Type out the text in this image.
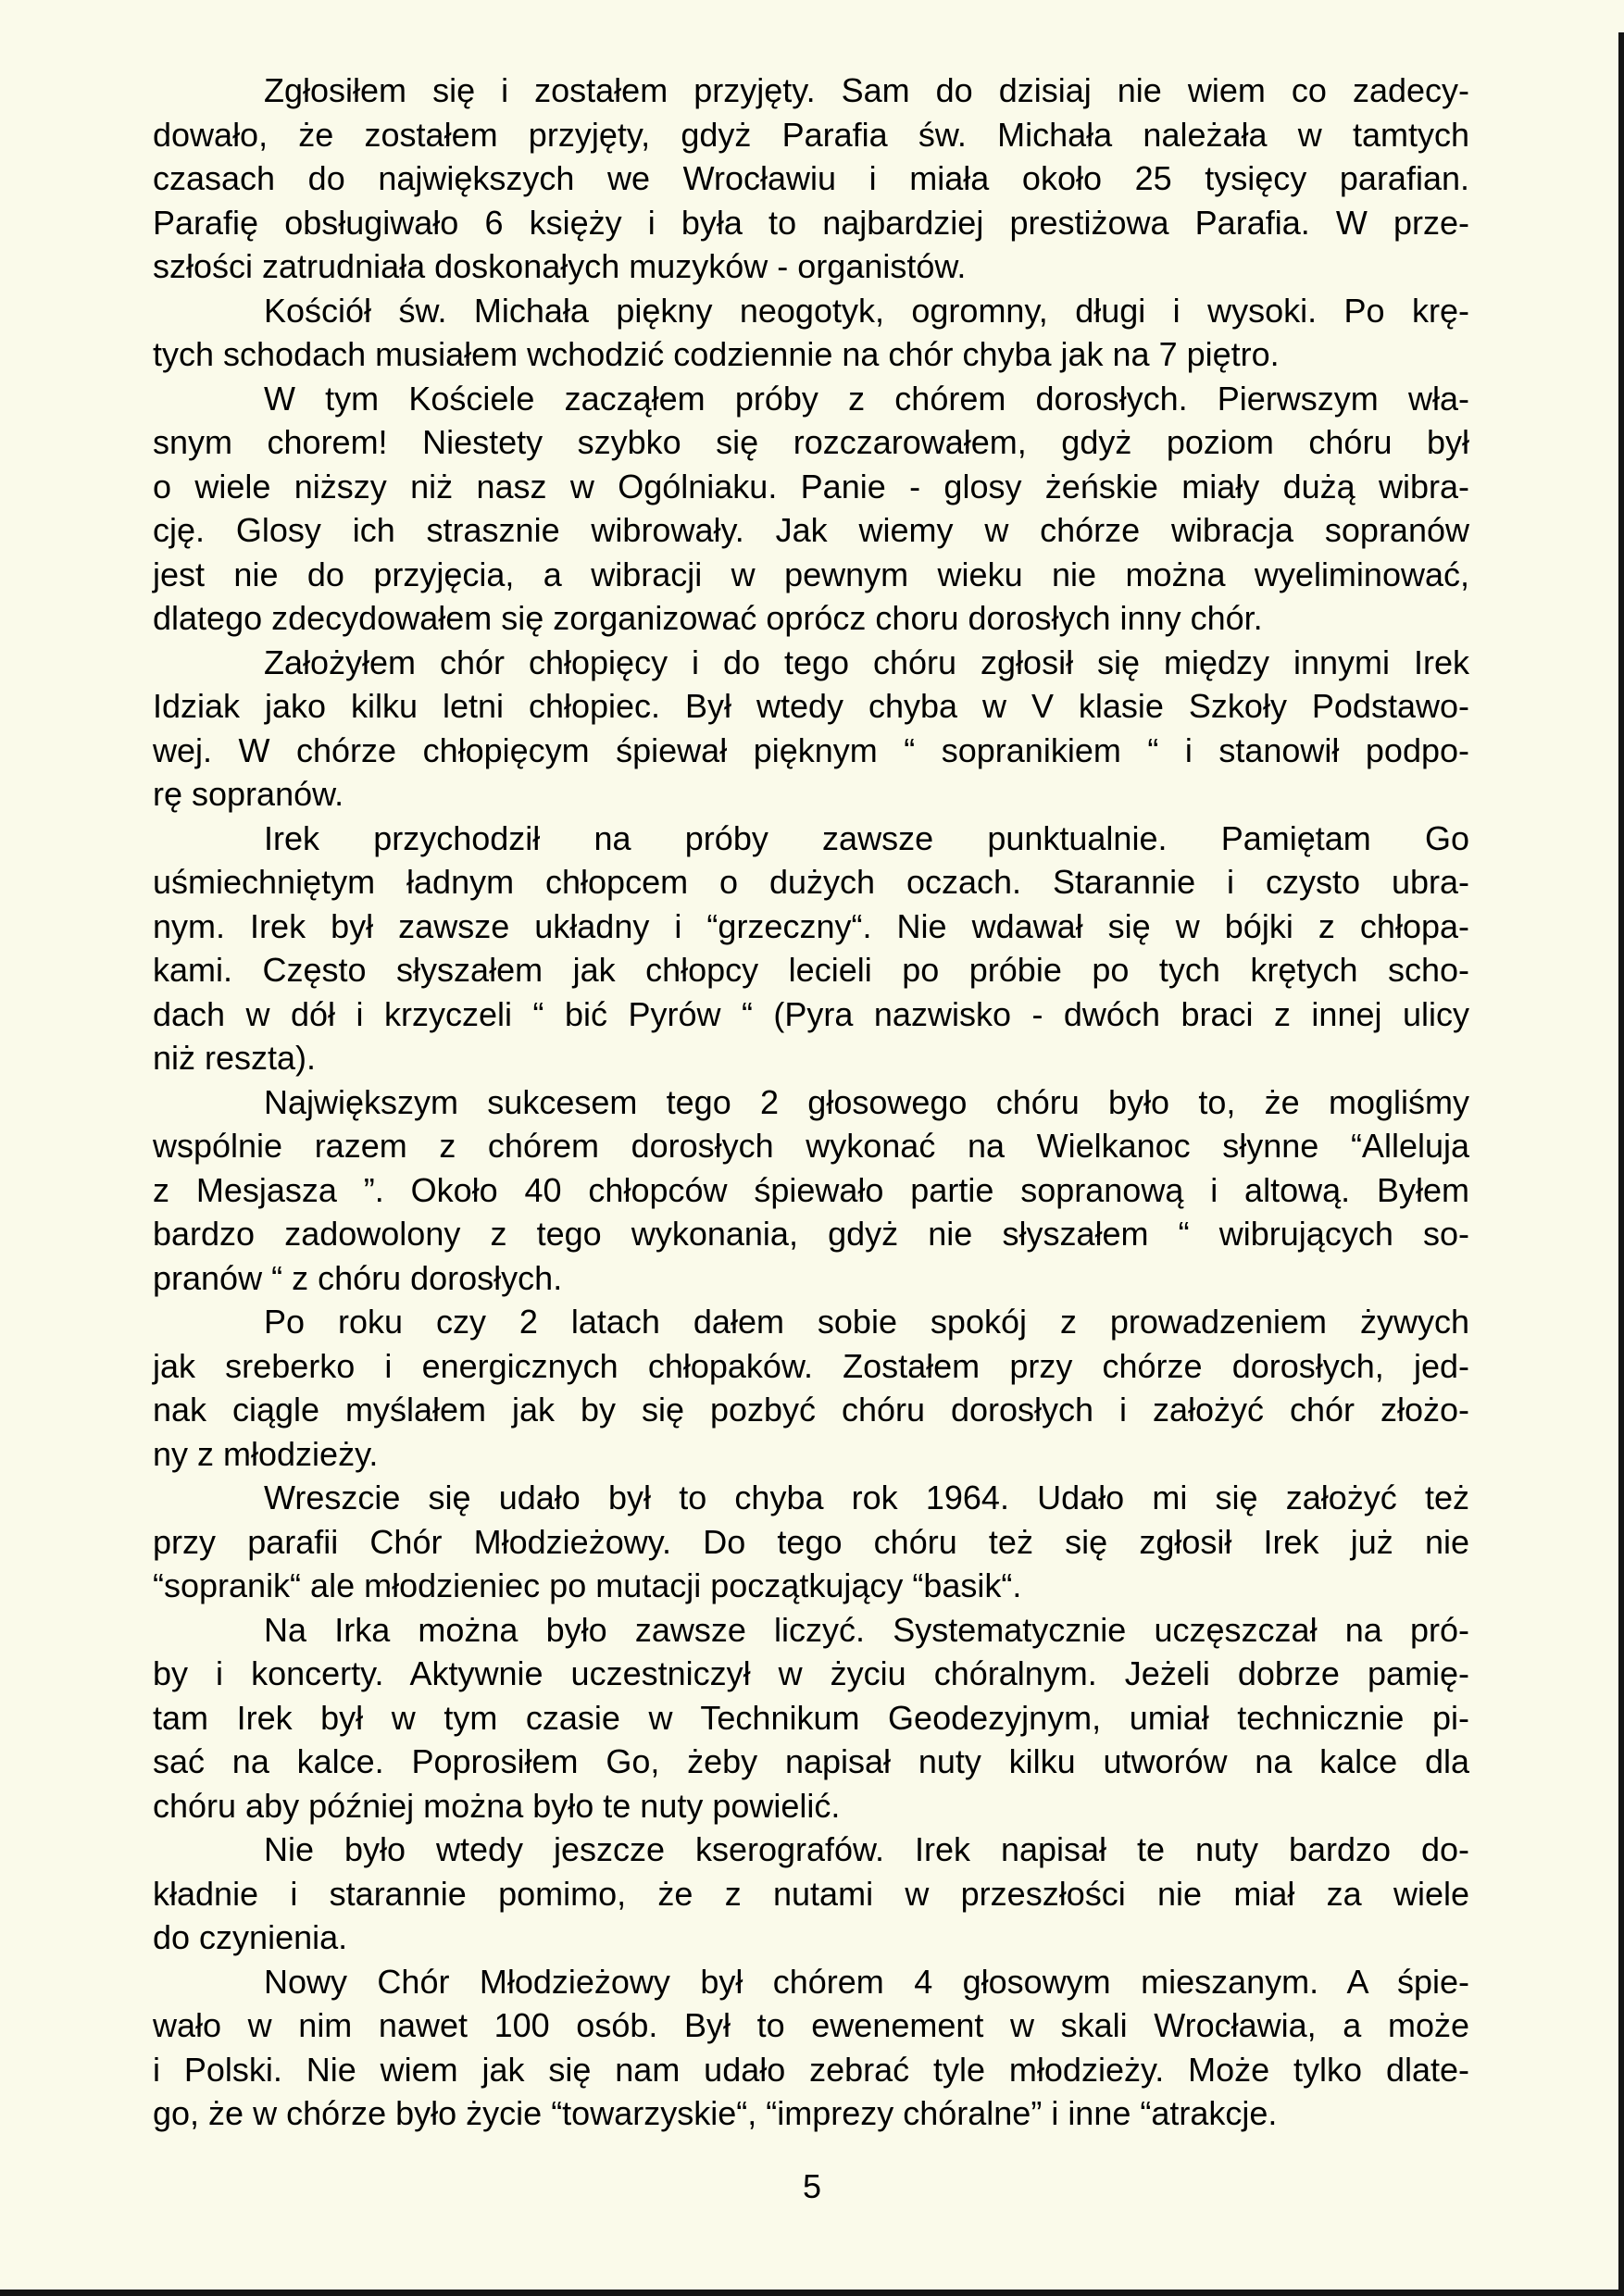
Zgłosiłem się i zostałem przyjęty. Sam do dzisiaj nie wiem co zadecy-
dowało, że zostałem przyjęty, gdyż Parafia św. Michała należała w tamtych
czasach do największych we Wrocławiu i miała około 25 tysięcy parafian.
Parafię obsługiwało 6 księży i była to najbardziej prestiżowa Parafia. W prze-
szłości zatrudniała doskonałych muzyków - organistów.
Kościół św. Michała piękny neogotyk, ogromny, długi i wysoki. Po krę-
tych schodach musiałem wchodzić codziennie na chór chyba jak na 7 piętro.
W tym Kościele zacząłem próby z chórem dorosłych. Pierwszym wła-
snym chorem! Niestety szybko się rozczarowałem, gdyż poziom chóru był
o wiele niższy niż nasz w Ogólniaku. Panie - glosy żeńskie miały dużą wibra-
cję. Glosy ich strasznie wibrowały. Jak wiemy w chórze wibracja sopranów
jest nie do przyjęcia, a wibracji w pewnym wieku nie można wyeliminować,
dlatego zdecydowałem się zorganizować oprócz choru dorosłych inny chór.
Założyłem chór chłopięcy i do tego chóru zgłosił się między innymi Irek
Idziak jako kilku letni chłopiec. Był wtedy chyba w V klasie Szkoły Podstawo-
wej. W chórze chłopięcym śpiewał pięknym “ sopranikiem “ i stanowił podpo-
rę sopranów.
Irek przychodził na próby zawsze punktualnie. Pamiętam Go
uśmiechniętym ładnym chłopcem o dużych oczach. Starannie i czysto ubra-
nym. Irek był zawsze układny i “grzeczny“. Nie wdawał się w bójki z chłopa-
kami. Często słyszałem jak chłopcy lecieli po próbie po tych krętych scho-
dach w dół i krzyczeli “ bić Pyrów “ (Pyra nazwisko - dwóch braci z innej ulicy
niż reszta).
Największym sukcesem tego 2 głosowego chóru było to, że mogliśmy
wspólnie razem z chórem dorosłych wykonać na Wielkanoc słynne “Alleluja
z Mesjasza ”. Około 40 chłopców śpiewało partie sopranową i altową. Byłem
bardzo zadowolony z tego wykonania, gdyż nie słyszałem “ wibrujących so-
pranów “ z chóru dorosłych.
Po roku czy 2 latach dałem sobie spokój z prowadzeniem żywych
jak sreberko i energicznych chłopaków. Zostałem przy chórze dorosłych, jed-
nak ciągle myślałem jak by się pozbyć chóru dorosłych i założyć chór złożo-
ny z młodzieży.
Wreszcie się udało był to chyba rok 1964. Udało mi się założyć też
przy parafii Chór Młodzieżowy. Do tego chóru też się zgłosił Irek już nie
“sopranik“ ale młodzieniec po mutacji początkujący “basik“.
Na Irka można było zawsze liczyć. Systematycznie uczęszczał na pró-
by i koncerty. Aktywnie uczestniczył w życiu chóralnym. Jeżeli dobrze pamię-
tam Irek był w tym czasie w Technikum Geodezyjnym, umiał technicznie pi-
sać na kalce. Poprosiłem Go, żeby napisał nuty kilku utworów na kalce dla
chóru aby później można było te nuty powielić.
Nie było wtedy jeszcze kserografów. Irek napisał te nuty bardzo do-
kładnie i starannie pomimo, że z nutami w przeszłości nie miał za wiele
do czynienia.
Nowy Chór Młodzieżowy był chórem 4 głosowym mieszanym. A śpie-
wało w nim nawet 100 osób. Był to ewenement w skali Wrocławia, a może
i Polski. Nie wiem jak się nam udało zebrać tyle młodzieży. Może tylko dlate-
go, że w chórze było życie “towarzyskie“, “imprezy chóralne” i inne “atrakcje.
5
